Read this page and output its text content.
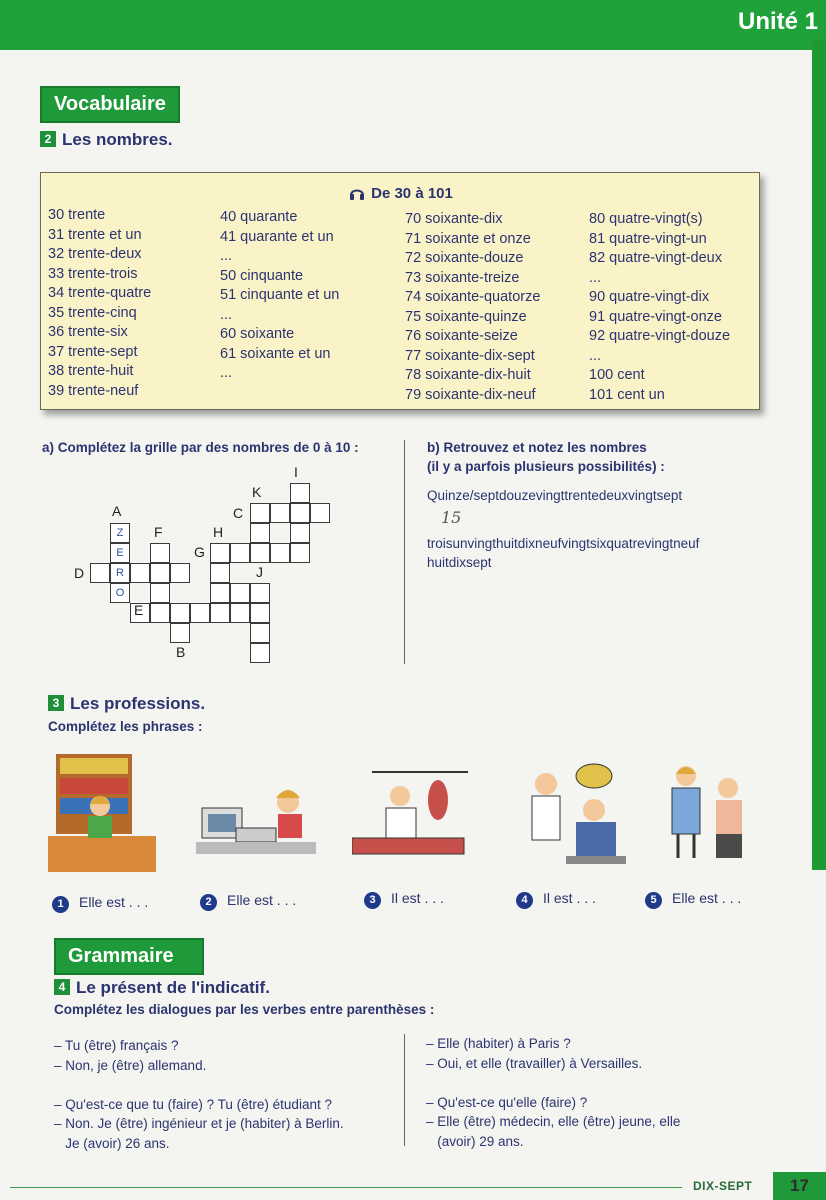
Unité 1
Vocabulaire
2 Les nombres.
De 30 à 101
30 trente
31 trente et un
32 trente-deux
33 trente-trois
34 trente-quatre
35 trente-cinq
36 trente-six
37 trente-sept
38 trente-huit
39 trente-neuf
40 quarante
41 quarante et un
...
50 cinquante
51 cinquante et un
...
60 soixante
61 soixante et un
...
70 soixante-dix
71 soixante et onze
72 soixante-douze
73 soixante-treize
74 soixante-quatorze
75 soixante-quinze
76 soixante-seize
77 soixante-dix-sept
78 soixante-dix-huit
79 soixante-dix-neuf
80 quatre-vingt(s)
81 quatre-vingt-un
82 quatre-vingt-deux
...
90 quatre-vingt-dix
91 quatre-vingt-onze
92 quatre-vingt-douze
...
100 cent
101 cent un
a) Complétez la grille par des nombres de 0 à 10 :
Z
E
R
O
A
B
C
D
E
F
G
H
I
J
K
b) Retrouvez et notez les nombres
(il y a parfois plusieurs possibilités) :
Quinze/septdouzevingttrentedeuxvingtsept
15
troisunvingthuitdixneufvingtsixquatrevingtneuf
huitdixsept
3 Les professions.
Complétez les phrases :
1 Elle est . . .	2 Elle est . . .	3 Il est . . .	4 Il est . . .	5 Elle est . . .
Grammaire
4 Le présent de l'indicatif.
Complétez les dialogues par les verbes entre parenthèses :
– Tu (être) français ?
– Non, je (être) allemand.

– Qu'est-ce que tu (faire) ? Tu (être) étudiant ?
– Non. Je (être) ingénieur et je (habiter) à Berlin.
Je (avoir) 26 ans.
– Elle (habiter) à Paris ?
– Oui, et elle (travailler) à Versailles.

– Qu'est-ce qu'elle (faire) ?
– Elle (être) médecin, elle (être) jeune, elle
(avoir) 29 ans.
DIX-SEPT	17
